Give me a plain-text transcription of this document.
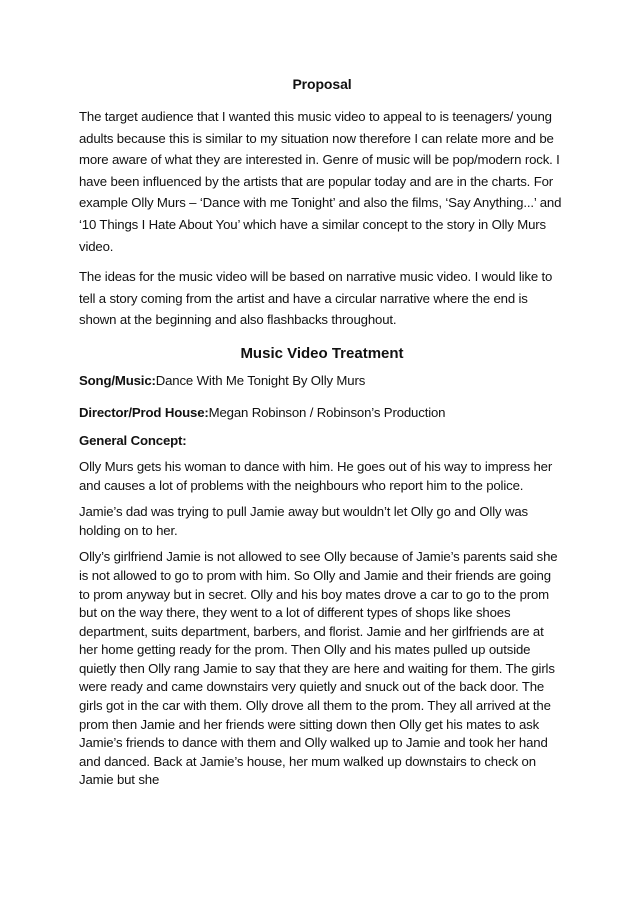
Proposal

The target audience that I wanted this music video to appeal to is teenagers/ young adults because this is similar to my situation now therefore I can relate more and be more aware of what they are interested in. Genre of music will be pop/modern rock. I have been influenced by the artists that are popular today and are in the charts. For example Olly Murs – ‘Dance with me Tonight’ and also the films, ‘Say Anything...’ and ‘10 Things I Hate About You’ which have a similar concept to the story in Olly Murs video.

The ideas for the music video will be based on narrative music video. I would like to tell a story coming from the artist and have a circular narrative where the end is shown at the beginning and also flashbacks throughout.

Music Video Treatment

Song/Music:Dance With Me Tonight By Olly Murs

Director/Prod House:Megan Robinson / Robinson’s Production

General Concept:

Olly Murs gets his woman to dance with him. He goes out of his way to impress her and causes a lot of problems with the neighbours who report him to the police.

Jamie’s dad was trying to pull Jamie away but wouldn’t let Olly go and Olly was holding on to her.

Olly’s girlfriend Jamie is not allowed to see Olly because of Jamie’s parents said she is not allowed to go to prom with him. So Olly and Jamie and their friends are going to prom anyway but in secret. Olly and his boy mates drove a car to go to the prom but on the way there, they went to a lot of different types of shops like shoes department, suits department, barbers, and florist. Jamie and her girlfriends are at her home getting ready for the prom. Then Olly and his mates pulled up outside quietly then Olly rang Jamie to say that they are here and waiting for them. The girls were ready and came downstairs very quietly and snuck out of the back door. The girls got in the car with them. Olly drove all them to the prom. They all arrived at the prom then Jamie and her friends were sitting down then Olly get his mates to ask Jamie’s friends to dance with them and Olly walked up to Jamie and took her hand and danced. Back at Jamie’s house, her mum walked up downstairs to check on Jamie but she
